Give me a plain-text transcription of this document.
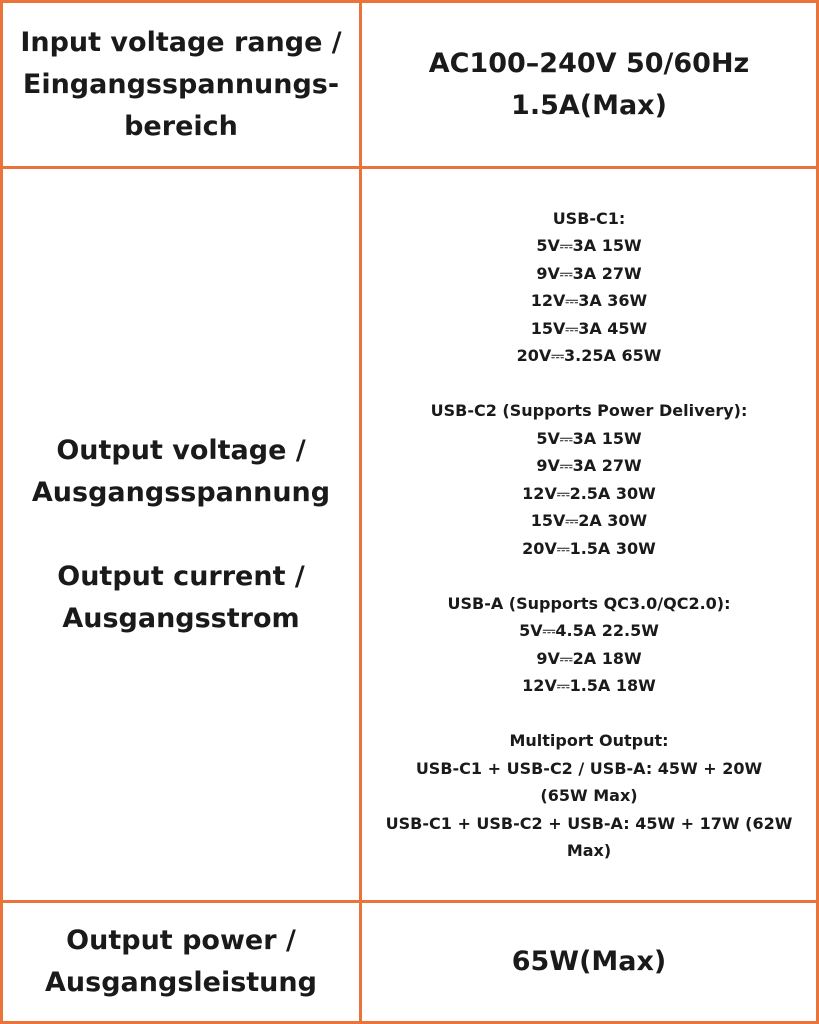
Input voltage range /
Eingangsspannungs-
bereich
AC100–240V 50/60Hz
1.5A(Max)
Output voltage /
Ausgangsspannung
Output current /
Ausgangsstrom
USB-C1:
5V⎓3A 15W
9V⎓3A 27W
12V⎓3A 36W
15V⎓3A 45W
20V⎓3.25A 65W
USB-C2 (Supports Power Delivery):
5V⎓3A 15W
9V⎓3A 27W
12V⎓2.5A 30W
15V⎓2A 30W
20V⎓1.5A 30W
USB-A (Supports QC3.0/QC2.0):
5V⎓4.5A 22.5W
9V⎓2A 18W
12V⎓1.5A 18W
Multiport Output:
USB-C1 + USB-C2 / USB-A: 45W + 20W
(65W Max)
USB-C1 + USB-C2 + USB-A: 45W + 17W (62W
Max)
Output power /
Ausgangsleistung
65W(Max)
